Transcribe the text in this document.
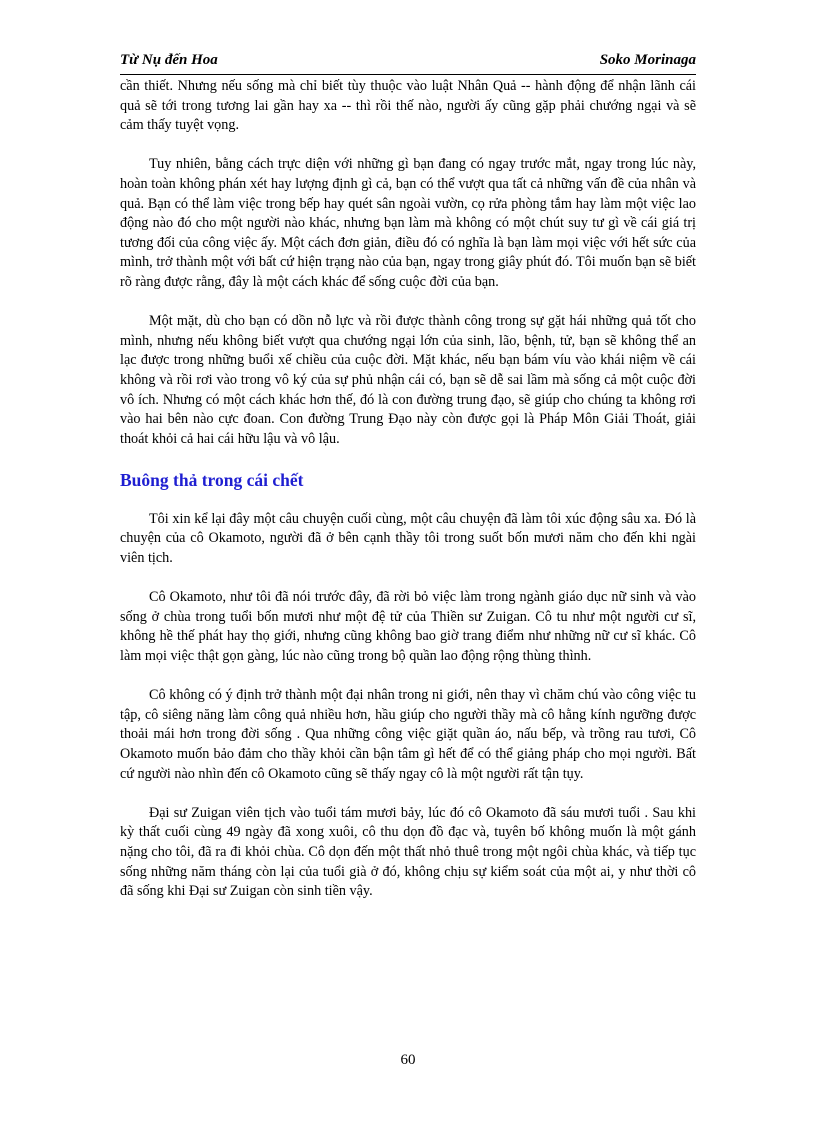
Từ Nụ đến Hoa	Soko Morinaga

cần thiết. Nhưng nếu sống mà chỉ biết tùy thuộc vào luật Nhân Quả -- hành động để nhận lãnh cái quả sẽ tới trong tương lai gần hay xa -- thì rồi thế nào, người ấy cũng gặp phải chướng ngại và sẽ cảm thấy tuyệt vọng.

Tuy nhiên, bằng cách trực diện với những gì bạn đang có ngay trước mắt, ngay trong lúc này, hoàn toàn không phán xét hay lượng định gì cả, bạn có thể vượt qua tất cả những vấn đề của nhân và quả. Bạn có thể làm việc trong bếp hay quét sân ngoài vườn, cọ rửa phòng tắm hay làm một việc lao động nào đó cho một người nào khác, nhưng bạn làm mà không có một chút suy tư gì về cái giá trị tương đối của công việc ấy. Một cách đơn giản, điều đó có nghĩa là bạn làm mọi việc với hết sức của mình, trở thành một với bất cứ hiện trạng nào của bạn, ngay trong giây phút đó. Tôi muốn bạn sẽ biết rõ ràng được rằng, đây là một cách khác để sống cuộc đời của bạn.

Một mặt, dù cho bạn có dồn nỗ lực và rồi được thành công trong sự gặt hái những quả tốt cho mình, nhưng nếu không biết vượt qua chướng ngại lớn của sinh, lão, bệnh, tử, bạn sẽ không thể an lạc được trong những buổi xế chiều của cuộc đời. Mặt khác, nếu bạn bám víu vào khái niệm về cái không và rồi rơi vào trong vô ký của sự phủ nhận cái có, bạn sẽ dễ sai lầm mà sống cả một cuộc đời vô ích. Nhưng có một cách khác hơn thế, đó là con đường trung đạo, sẽ giúp cho chúng ta không rơi vào hai bên nào cực đoan. Con đường Trung Đạo này còn được gọi là Pháp Môn Giải Thoát, giải thoát khỏi cả hai cái hữu lậu và vô lậu.

Buông thả trong cái chết

Tôi xin kể lại đây một câu chuyện cuối cùng, một câu chuyện đã làm tôi xúc động sâu xa. Đó là chuyện của cô Okamoto, người đã ở bên cạnh thầy tôi trong suốt bốn mươi năm cho đến khi ngài viên tịch.

Cô Okamoto, như tôi đã nói trước đây, đã rời bỏ việc làm trong ngành giáo dục nữ sinh và vào sống ở chùa trong tuổi bốn mươi như một đệ tử của Thiền sư Zuigan. Cô tu như một người cư sĩ, không hề thế phát hay thọ giới, nhưng cũng không bao giờ trang điểm như những nữ cư sĩ khác. Cô làm mọi việc thật gọn gàng, lúc nào cũng trong bộ quần lao động rộng thùng thình.

Cô không có ý định trở thành một đại nhân trong ni giới, nên thay vì chăm chú vào công việc tu tập, cô siêng năng làm công quả nhiều hơn, hầu giúp cho người thầy mà cô hằng kính ngưỡng được thoải mái hơn trong đời sống . Qua những công việc giặt quần áo, nấu bếp, và trồng rau tươi, Cô Okamoto muốn bảo đảm cho thầy khỏi cần bận tâm gì hết để có thể giảng pháp cho mọi người. Bất cứ người nào nhìn đến cô Okamoto cũng sẽ thấy ngay cô là một người rất tận tụy.

Đại sư Zuigan viên tịch vào tuổi tám mươi bảy, lúc đó cô Okamoto đã sáu mươi tuổi . Sau khi kỳ thất cuối cùng 49 ngày đã xong xuôi, cô thu dọn đồ đạc và, tuyên bố không muốn là một gánh nặng cho tôi, đã ra đi khỏi chùa. Cô dọn đến một thất nhỏ thuê trong một ngôi chùa khác, và tiếp tục sống những năm tháng còn lại của tuổi già ở đó, không chịu sự kiểm soát của một ai, y như thời cô đã sống khi Đại sư Zuigan còn sinh tiền vậy.

60
